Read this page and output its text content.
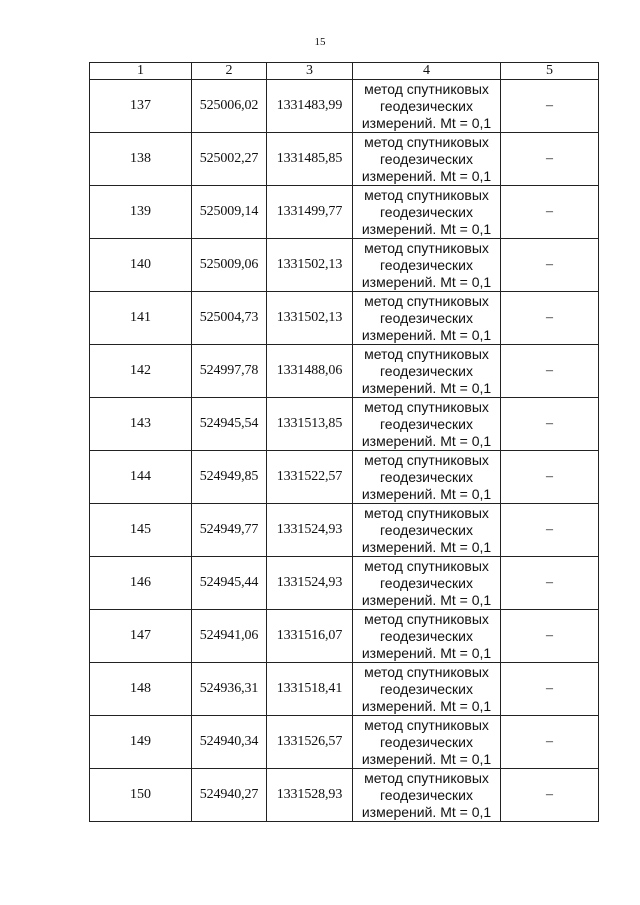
15
1	2	3	4	5
137	525006,02	1331483,99	метод спутниковых
геодезических
измерений. Mt = 0,1	–
138	525002,27	1331485,85	метод спутниковых
геодезических
измерений. Mt = 0,1	–
139	525009,14	1331499,77	метод спутниковых
геодезических
измерений. Mt = 0,1	–
140	525009,06	1331502,13	метод спутниковых
геодезических
измерений. Mt = 0,1	–
141	525004,73	1331502,13	метод спутниковых
геодезических
измерений. Mt = 0,1	–
142	524997,78	1331488,06	метод спутниковых
геодезических
измерений. Mt = 0,1	–
143	524945,54	1331513,85	метод спутниковых
геодезических
измерений. Mt = 0,1	–
144	524949,85	1331522,57	метод спутниковых
геодезических
измерений. Mt = 0,1	–
145	524949,77	1331524,93	метод спутниковых
геодезических
измерений. Mt = 0,1	–
146	524945,44	1331524,93	метод спутниковых
геодезических
измерений. Mt = 0,1	–
147	524941,06	1331516,07	метод спутниковых
геодезических
измерений. Mt = 0,1	–
148	524936,31	1331518,41	метод спутниковых
геодезических
измерений. Mt = 0,1	–
149	524940,34	1331526,57	метод спутниковых
геодезических
измерений. Mt = 0,1	–
150	524940,27	1331528,93	метод спутниковых
геодезических
измерений. Mt = 0,1	–
